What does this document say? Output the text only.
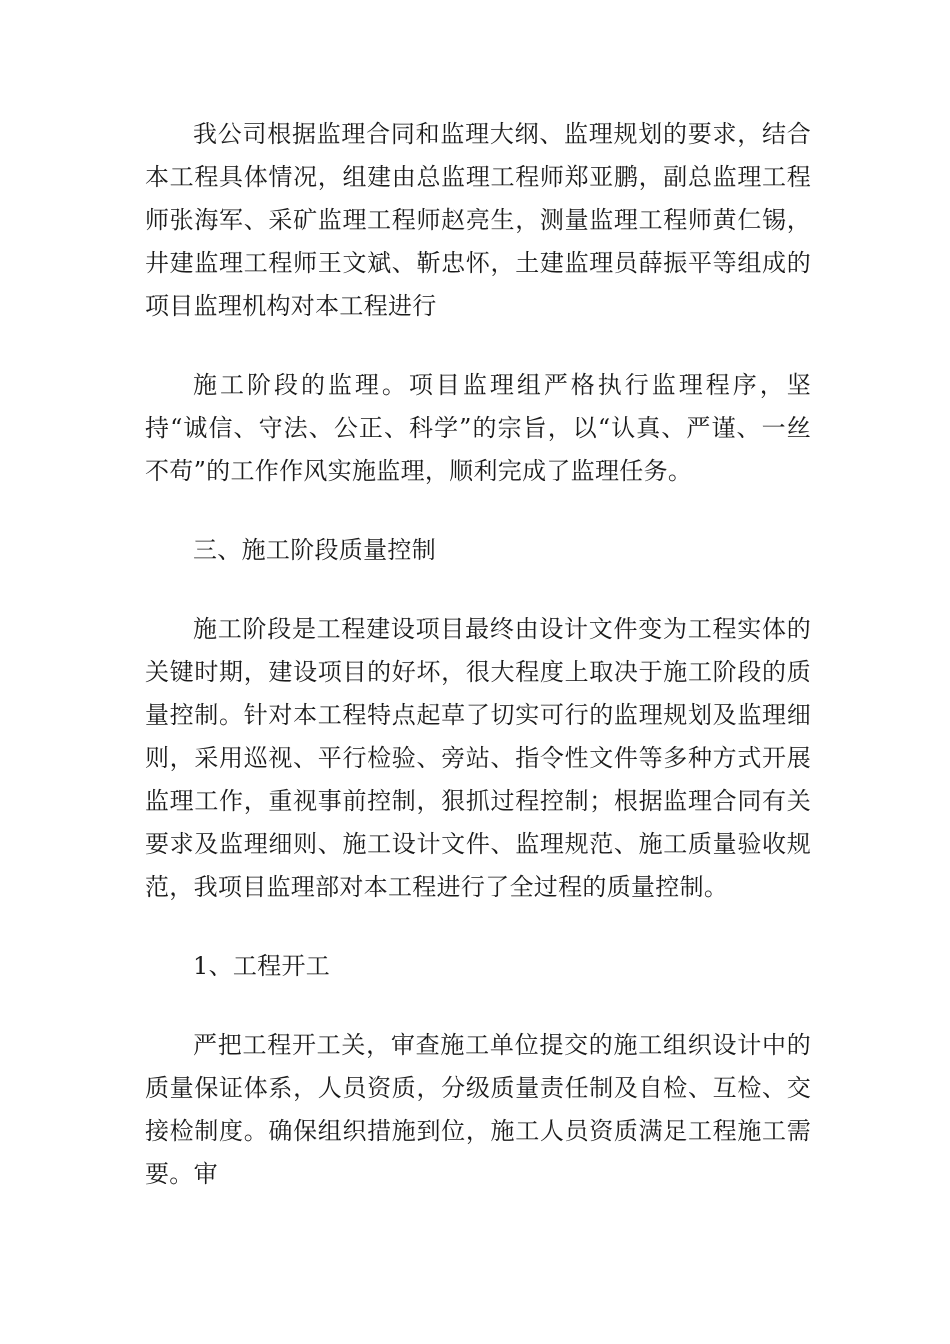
我公司根据监理合同和监理大纲、监理规划的要求，结合本工程具体情况，组建由总监理工程师郑亚鹏，副总监理工程师张海军、采矿监理工程师赵亮生，测量监理工程师黄仁锡，井建监理工程师王文斌、靳忠怀，土建监理员薛振平等组成的项目监理机构对本工程进行

施工阶段的监理。项目监理组严格执行监理程序，坚持“诚信、守法、公正、科学”的宗旨，以“认真、严谨、一丝不苟”的工作作风实施监理，顺利完成了监理任务。

三、施工阶段质量控制

施工阶段是工程建设项目最终由设计文件变为工程实体的关键时期，建设项目的好坏，很大程度上取决于施工阶段的质量控制。针对本工程特点起草了切实可行的监理规划及监理细则，采用巡视、平行检验、旁站、指令性文件等多种方式开展监理工作，重视事前控制，狠抓过程控制；根据监理合同有关要求及监理细则、施工设计文件、监理规范、施工质量验收规范，我项目监理部对本工程进行了全过程的质量控制。

1、工程开工

严把工程开工关，审查施工单位提交的施工组织设计中的质量保证体系，人员资质，分级质量责任制及自检、互检、交接检制度。确保组织措施到位，施工人员资质满足工程施工需要。审
